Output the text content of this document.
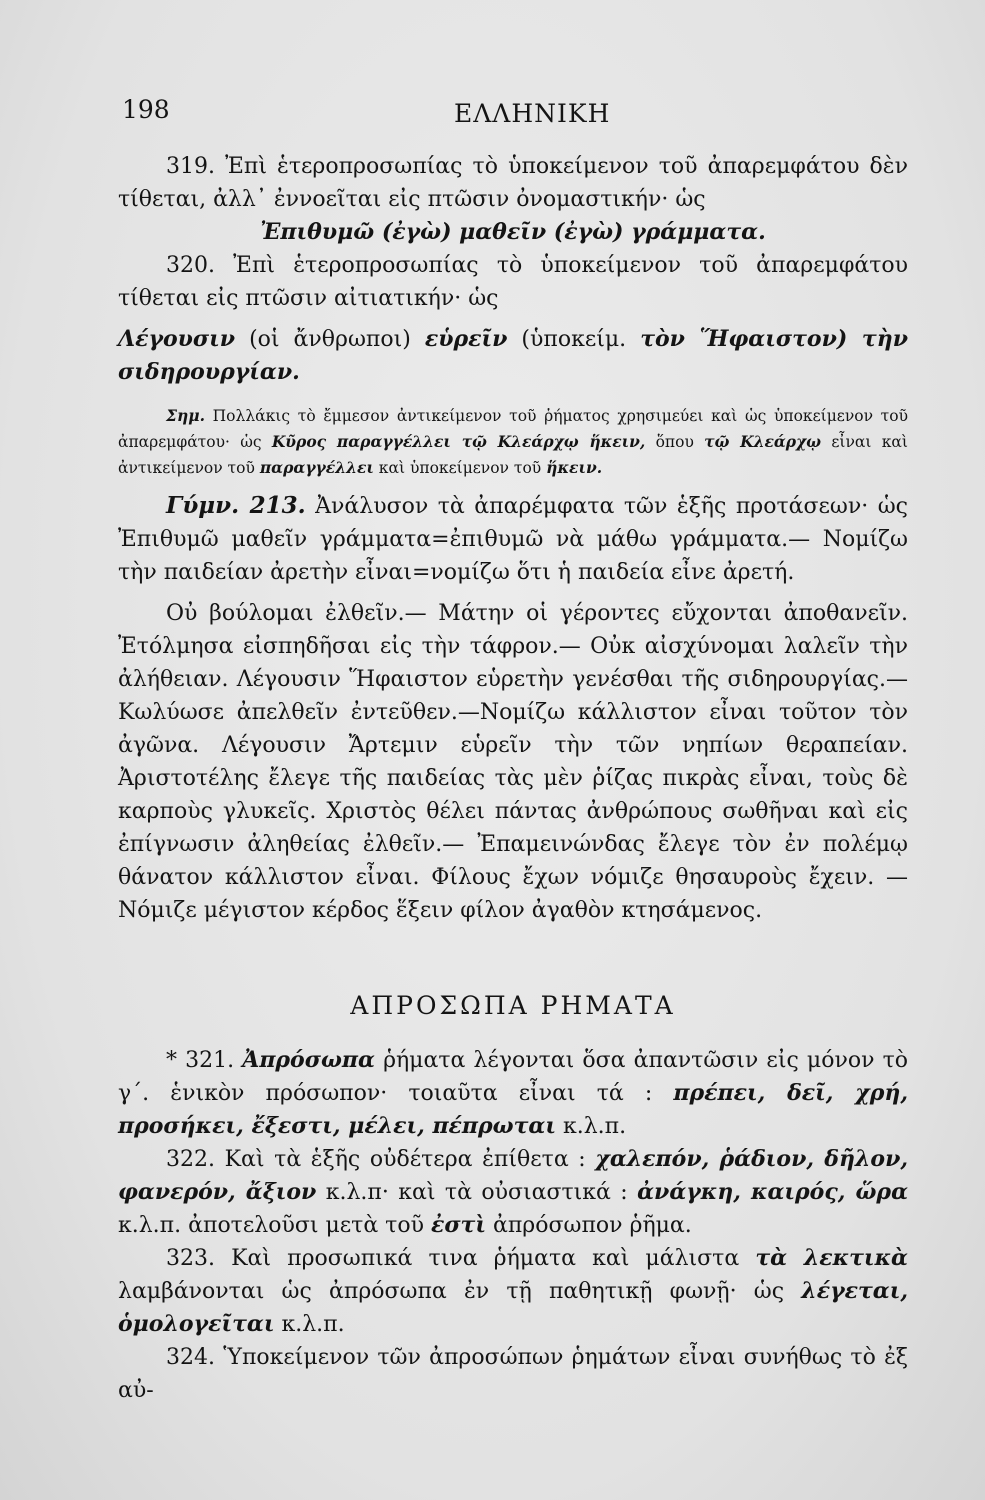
198	ΕΛΛΗΝΙΚΗ

319. Ἐπὶ ἑτεροπροσωπίας τὸ ὑποκείμενον τοῦ ἀπαρεμφάτου δὲν τίθεται, ἀλλ᾽ ἐννοεῖται εἰς πτῶσιν ὀνομαστικήν· ὡς

Ἐπιθυμῶ (ἐγὼ) μαθεῖν (ἐγὼ) γράμματα.

320. Ἐπὶ ἑτεροπροσωπίας τὸ ὑποκείμενον τοῦ ἀπαρεμφάτου τίθεται εἰς πτῶσιν αἰτιατικήν· ὡς

Λέγουσιν (οἱ ἄνθρωποι) εὑρεῖν (ὑποκείμ. τὸν Ἥφαιστον) τὴν σιδηρουργίαν.

Σημ. Πολλάκις τὸ ἔμμεσον ἀντικείμενον τοῦ ῥήματος χρησιμεύει καὶ ὡς ὑποκείμενον τοῦ ἀπαρεμφάτου· ὡς Κῦρος παραγγέλλει τῷ Κλεάρχῳ ἥκειν, ὅπου τῷ Κλεάρχῳ εἶναι καὶ ἀντικείμενον τοῦ παραγγέλλει καὶ ὑποκείμενον τοῦ ἥκειν.

Γύμν. 213. Ἀνάλυσον τὰ ἀπαρέμφατα τῶν ἑξῆς προτάσεων· ὡς Ἐπιθυμῶ μαθεῖν γράμματα=ἐπιθυμῶ νὰ μάθω γράμματα.— Νομίζω τὴν παιδείαν ἀρετὴν εἶναι=νομίζω ὅτι ἡ παιδεία εἶνε ἀρετή.

Οὐ βούλομαι ἐλθεῖν.— Μάτην οἱ γέροντες εὔχονται ἀποθανεῖν. Ἐτόλμησα εἰσπηδῆσαι εἰς τὴν τάφρον.— Οὐκ αἰσχύνομαι λαλεῖν τὴν ἀλήθειαν. Λέγουσιν Ἥφαιστον εὑρετὴν γενέσθαι τῆς σιδηρουργίας.— Κωλύωσε ἀπελθεῖν ἐντεῦθεν.—Νομίζω κάλλιστον εἶναι τοῦτον τὸν ἀγῶνα. Λέγουσιν Ἄρτεμιν εὑρεῖν τὴν τῶν νηπίων θεραπείαν. Ἀριστοτέλης ἔλεγε τῆς παιδείας τὰς μὲν ῥίζας πικρὰς εἶναι, τοὺς δὲ καρποὺς γλυκεῖς. Χριστὸς θέλει πάντας ἀνθρώπους σωθῆναι καὶ εἰς ἐπίγνωσιν ἀληθείας ἐλθεῖν.— Ἐπαμεινώνδας ἔλεγε τὸν ἐν πολέμῳ θάνατον κάλλιστον εἶναι. Φίλους ἔχων νόμιζε θησαυροὺς ἔχειν. — Νόμιζε μέγιστον κέρδος ἕξειν φίλον ἀγαθὸν κτησάμενος.

ΑΠΡΟΣΩΠΑ ΡΗΜΑΤΑ

* 321. Ἀπρόσωπα ῥήματα λέγονται ὅσα ἀπαντῶσιν εἰς μόνον τὸ γ΄. ἑνικὸν πρόσωπον· τοιαῦτα εἶναι τά : πρέπει, δεῖ, χρή, προσήκει, ἔξεστι, μέλει, πέπρωται κ.λ.π.

322. Καὶ τὰ ἑξῆς οὐδέτερα ἐπίθετα : χαλεπόν, ῥάδιον, δῆλον, φανερόν, ἄξιον κ.λ.π· καὶ τὰ οὐσιαστικά : ἀνάγκη, καιρός, ὥρα κ.λ.π. ἀποτελοῦσι μετὰ τοῦ ἐστὶ ἀπρόσωπον ῥῆμα.

323. Καὶ προσωπικά τινα ῥήματα καὶ μάλιστα τὰ λεκτικὰ λαμβάνονται ὡς ἀπρόσωπα ἐν τῇ παθητικῇ φωνῇ· ὡς λέγεται, ὁμολογεῖται κ.λ.π.

324. Ὑποκείμενον τῶν ἀπροσώπων ῥημάτων εἶναι συνήθως τὸ ἐξ αὐ-
